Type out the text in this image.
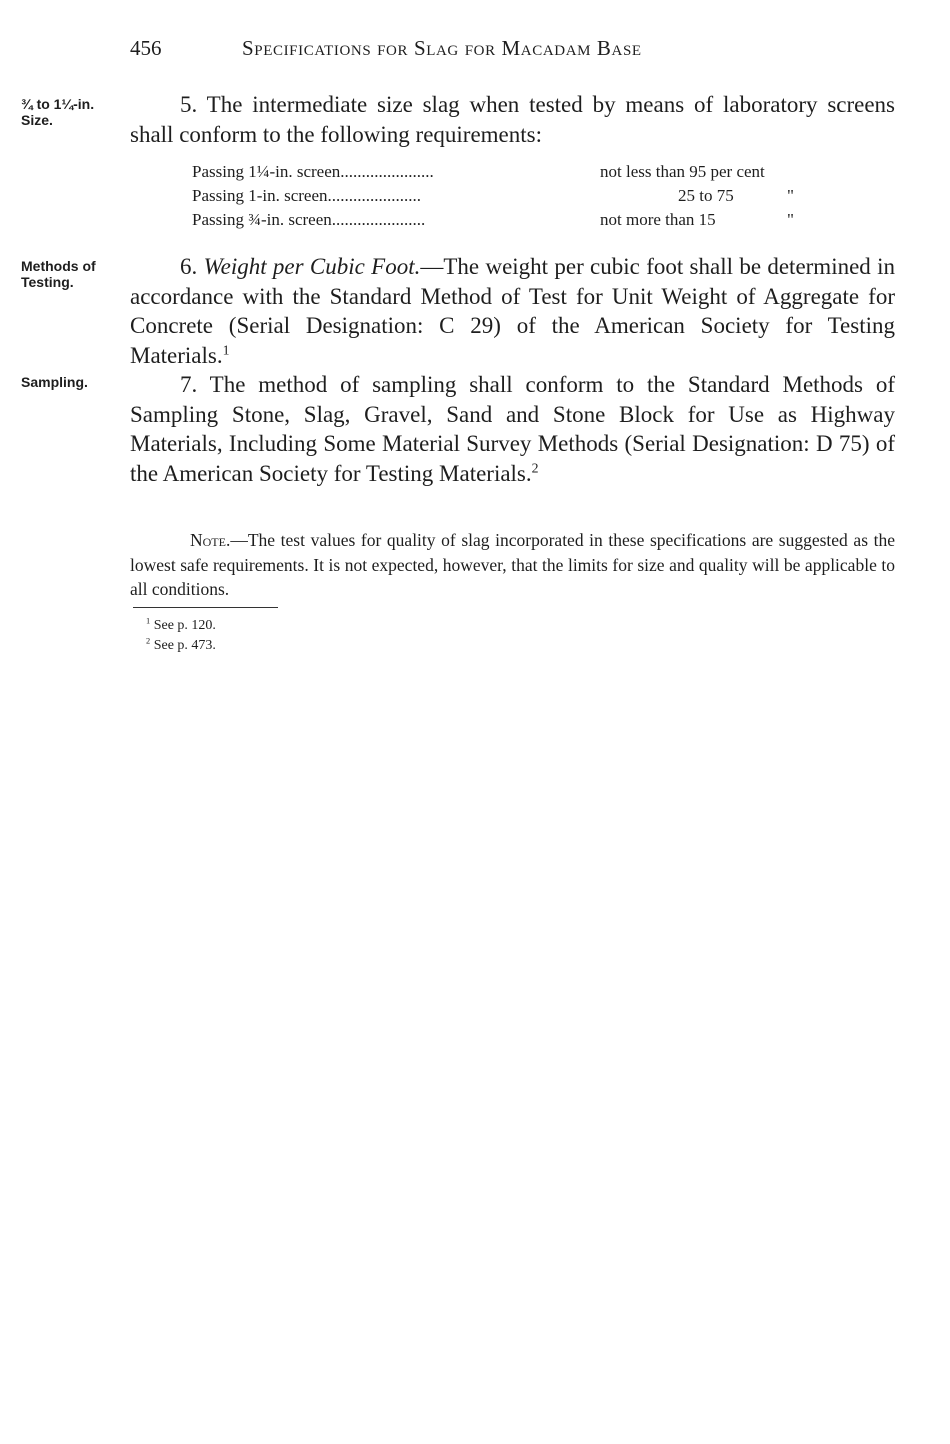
456	Specifications for Slag for Macadam Base
¾ to 1¼-in. Size.
5. The intermediate size slag when tested by means of laboratory screens shall conform to the following requirements:
Passing 1¼-in. screen......................	not less than 95 per cent
Passing 1-in. screen......................	25 to 75	"
Passing ¾-in. screen......................	not more than 15	"
Methods of Testing.
6. Weight per Cubic Foot.—The weight per cubic foot shall be determined in accordance with the Standard Method of Test for Unit Weight of Aggregate for Concrete (Serial Designation: C 29) of the American Society for Testing Materials.$^1$
Sampling.	7. The method of sampling shall conform to the Standard Methods of Sampling Stone, Slag, Gravel, Sand and Stone Block for Use as Highway Materials, Including Some Material Survey Methods (Serial Designation: D 75) of the American Society for Testing Materials.$^2$
Note.—The test values for quality of slag incorporated in these specifications are suggested as the lowest safe requirements. It is not expected, however, that the limits for size and quality will be applicable to all conditions.
$^1$ See p. 120.
$^2$ See p. 473.
